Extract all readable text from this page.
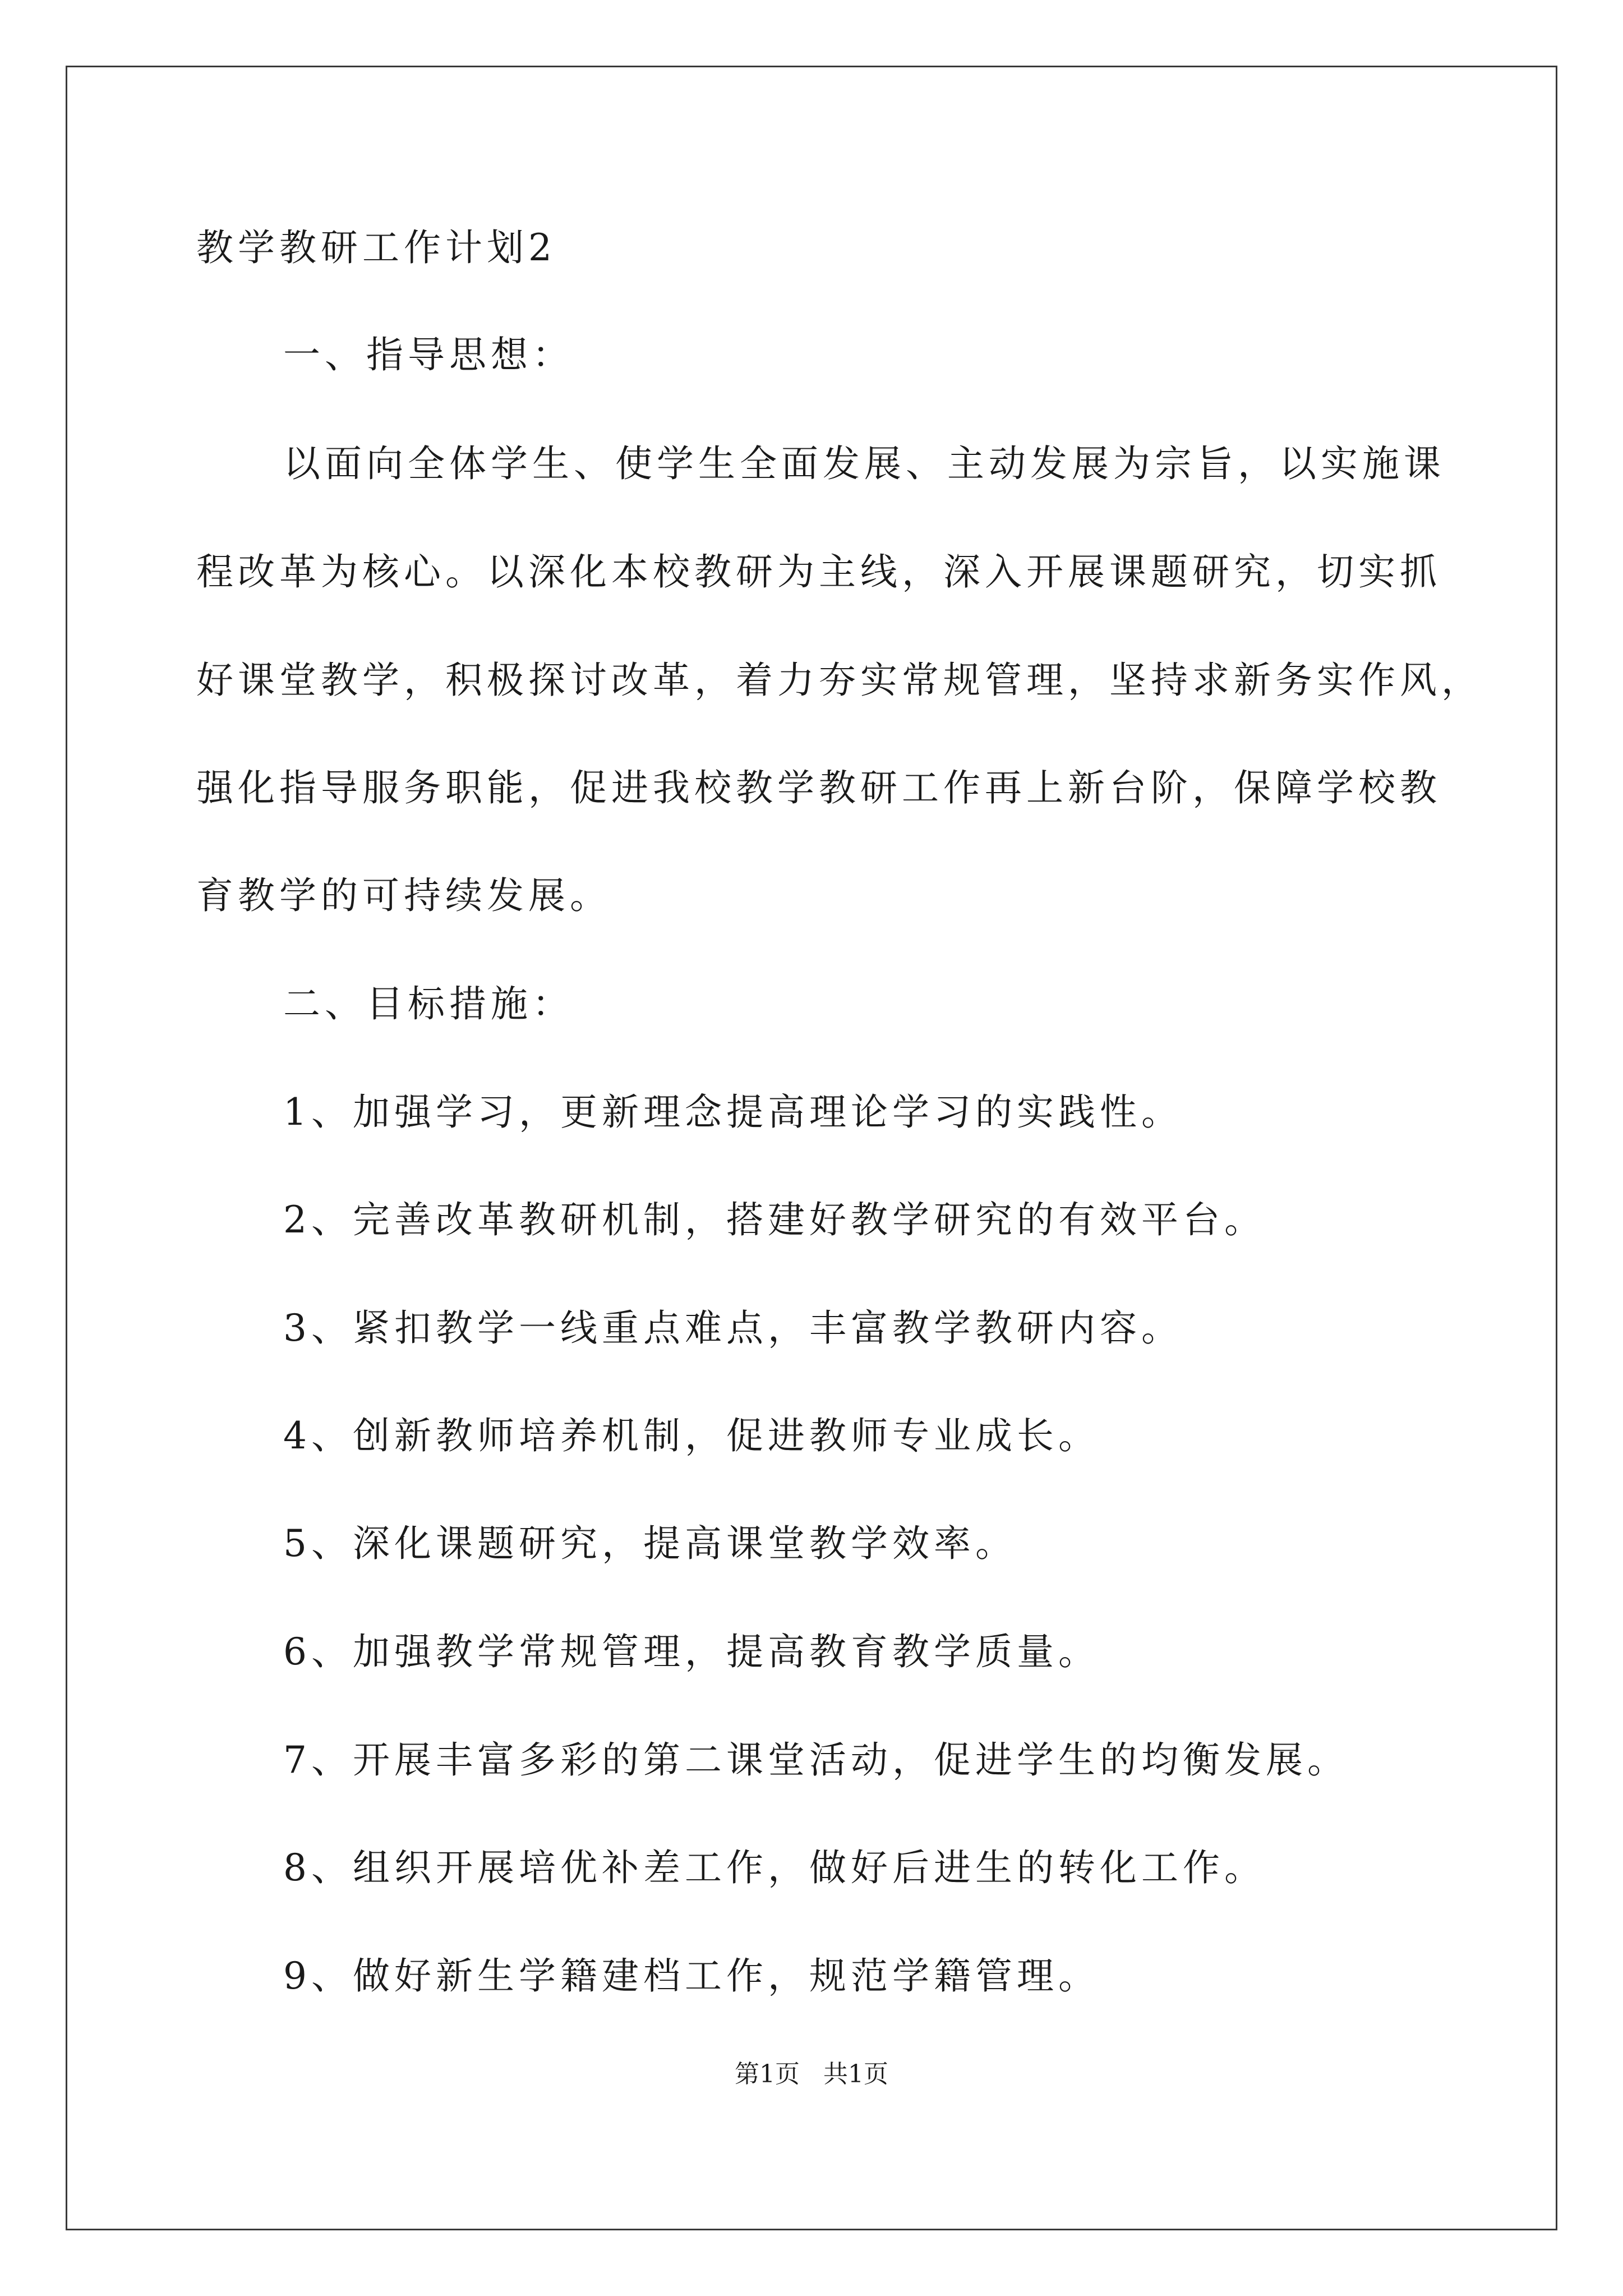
教学教研工作计划2

一、指导思想：

以面向全体学生、使学生全面发展、主动发展为宗旨，以实施课

程改革为核心。以深化本校教研为主线，深入开展课题研究，切实抓

好课堂教学，积极探讨改革，着力夯实常规管理，坚持求新务实作风，

强化指导服务职能，促进我校教学教研工作再上新台阶，保障学校教

育教学的可持续发展。

二、目标措施：

1、加强学习，更新理念提高理论学习的实践性。

2、完善改革教研机制，搭建好教学研究的有效平台。

3、紧扣教学一线重点难点，丰富教学教研内容。

4、创新教师培养机制，促进教师专业成长。

5、深化课题研究，提高课堂教学效率。

6、加强教学常规管理，提高教育教学质量。

7、开展丰富多彩的第二课堂活动，促进学生的均衡发展。

8、组织开展培优补差工作，做好后进生的转化工作。

9、做好新生学籍建档工作，规范学籍管理。

第1页   共1页
